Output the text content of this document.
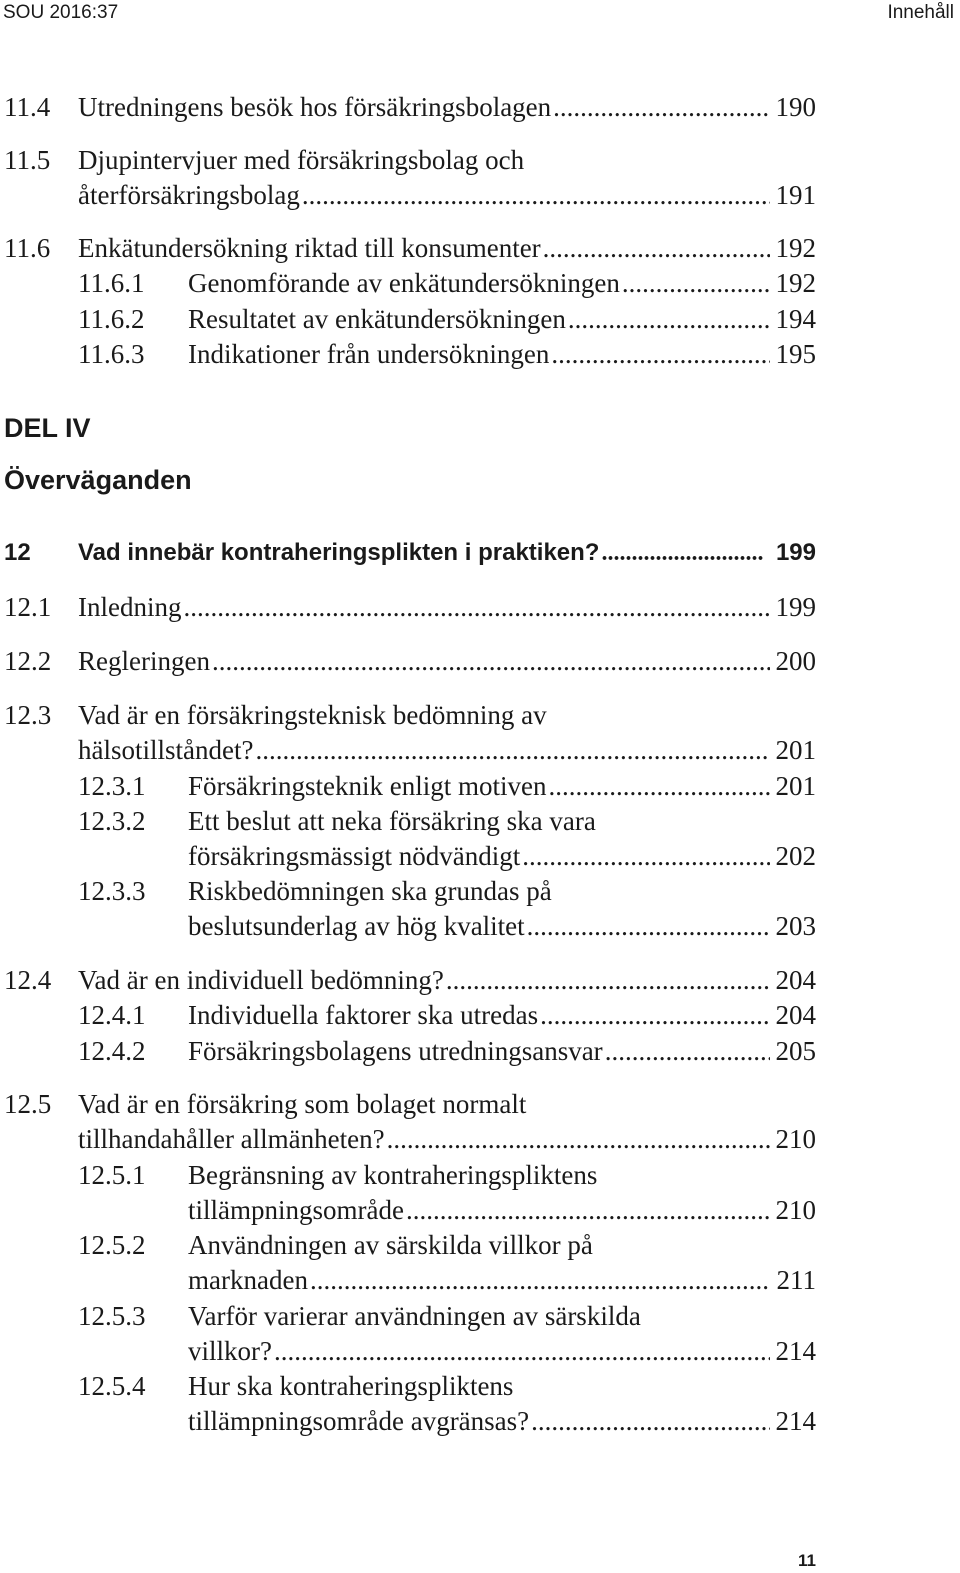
SOU 2016:37	Innehåll
11.4 Utredningens besök hos försäkringsbolagen .....	190
11.5 Djupintervjuer med försäkringsbolag och
återförsäkringsbolag .....	191
11.6 Enkätundersökning riktad till konsumenter .....	192
11.6.1 Genomförande av enkätundersökningen .....	192
11.6.2 Resultatet av enkätundersökningen .....	194
11.6.3 Indikationer från undersökningen .....	195
DEL IV
Överväganden
12 Vad innebär kontraheringsplikten i praktiken? .....	199
12.1 Inledning .....	199
12.2 Regleringen .....	200
12.3 Vad är en försäkringsteknisk bedömning av
hälsotillståndet? .....	201
12.3.1 Försäkringsteknik enligt motiven .....	201
12.3.2 Ett beslut att neka försäkring ska vara
försäkringsmässigt nödvändigt .....	202
12.3.3 Riskbedömningen ska grundas på
beslutsunderlag av hög kvalitet .....	203
12.4 Vad är en individuell bedömning? .....	204
12.4.1 Individuella faktorer ska utredas .....	204
12.4.2 Försäkringsbolagens utredningsansvar .....	205
12.5 Vad är en försäkring som bolaget normalt
tillhandahåller allmänheten? .....	210
12.5.1 Begränsning av kontraheringspliktens
tillämpningsområde .....	210
12.5.2 Användningen av särskilda villkor på
marknaden .....	211
12.5.3 Varför varierar användningen av särskilda
villkor? .....	214
12.5.4 Hur ska kontraheringspliktens
tillämpningsområde avgränsas? .....	214
11
